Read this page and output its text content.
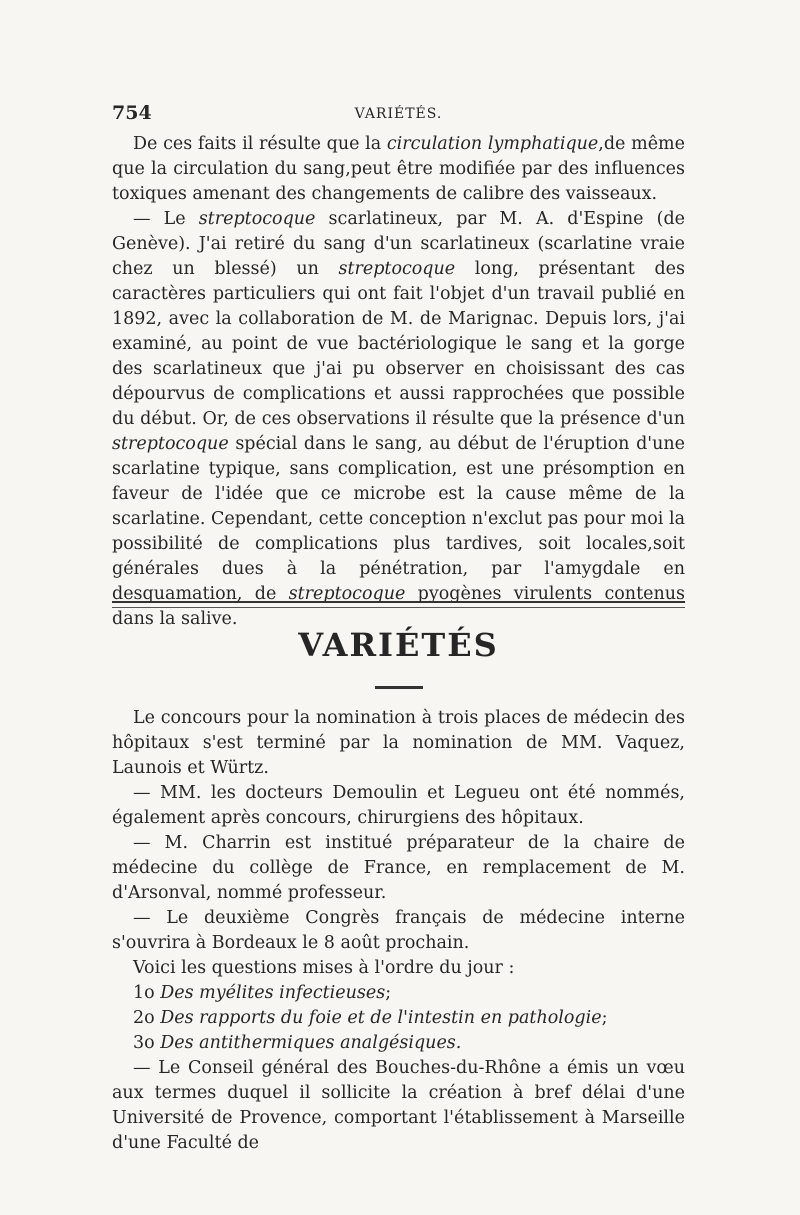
754	VARIÉTÉS.

De ces faits il résulte que la circulation lymphatique,de même que la circulation du sang,peut être modifiée par des influences toxiques amenant des changements de calibre des vaisseaux.

— Le streptocoque scarlatineux, par M. A. d'Espine (de Genève). J'ai retiré du sang d'un scarlatineux (scarlatine vraie chez un blessé) un streptocoque long, présentant des caractères particuliers qui ont fait l'objet d'un travail publié en 1892, avec la collaboration de M. de Marignac. Depuis lors, j'ai examiné, au point de vue bactériologique le sang et la gorge des scarlatineux que j'ai pu observer en choisissant des cas dépourvus de complications et aussi rapprochées que possible du début. Or, de ces observations il résulte que la présence d'un streptocoque spécial dans le sang, au début de l'éruption d'une scarlatine typique, sans complication, est une présomption en faveur de l'idée que ce microbe est la cause même de la scarlatine. Cependant, cette conception n'exclut pas pour moi la possibilité de complications plus tardives, soit locales,soit générales dues à la pénétration, par l'amygdale en desquamation, de streptocoque pyogènes virulents contenus dans la salive.

VARIÉTÉS

Le concours pour la nomination à trois places de médecin des hôpitaux s'est terminé par la nomination de MM. Vaquez, Launois et Würtz.

— MM. les docteurs Demoulin et Legueu ont été nommés, également après concours, chirurgiens des hôpitaux.

— M. Charrin est institué préparateur de la chaire de médecine du collège de France, en remplacement de M. d'Arsonval, nommé professeur.

— Le deuxième Congrès français de médecine interne s'ouvrira à Bordeaux le 8 août prochain.

Voici les questions mises à l'ordre du jour :

1o Des myélites infectieuses;

2o Des rapports du foie et de l'intestin en pathologie;

3o Des antithermiques analgésiques.

— Le Conseil général des Bouches-du-Rhône a émis un vœu aux termes duquel il sollicite la création à bref délai d'une Université de Provence, comportant l'établissement à Marseille d'une Faculté de
